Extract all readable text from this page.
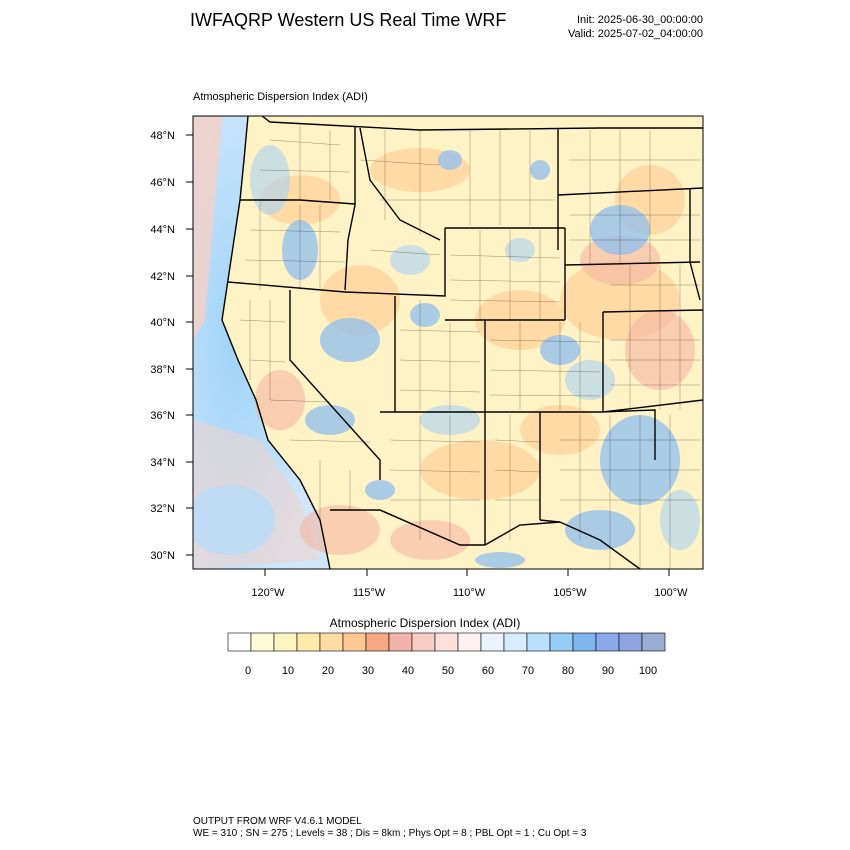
IWFAQRP Western US Real Time WRF	Init: 2025-06-30_00:00:00
Valid: 2025-07-02_04:00:00
Atmospheric Dispersion Index (ADI)
48°N
46°N
44°N
42°N
40°N
38°N
36°N
34°N
32°N
30°N
120°W	115°W	110°W	105°W	100°W
0	10	20	30	40	50	60	70	80	90 100
Atmospheric Dispersion Index (ADI)
OUTPUT FROM WRF V4.6.1 MODEL
WE = 310 ; SN = 275 ; Levels = 38 ; Dis = 8km ; Phys Opt = 8 ; PBL Opt = 1 ; Cu Opt = 3
